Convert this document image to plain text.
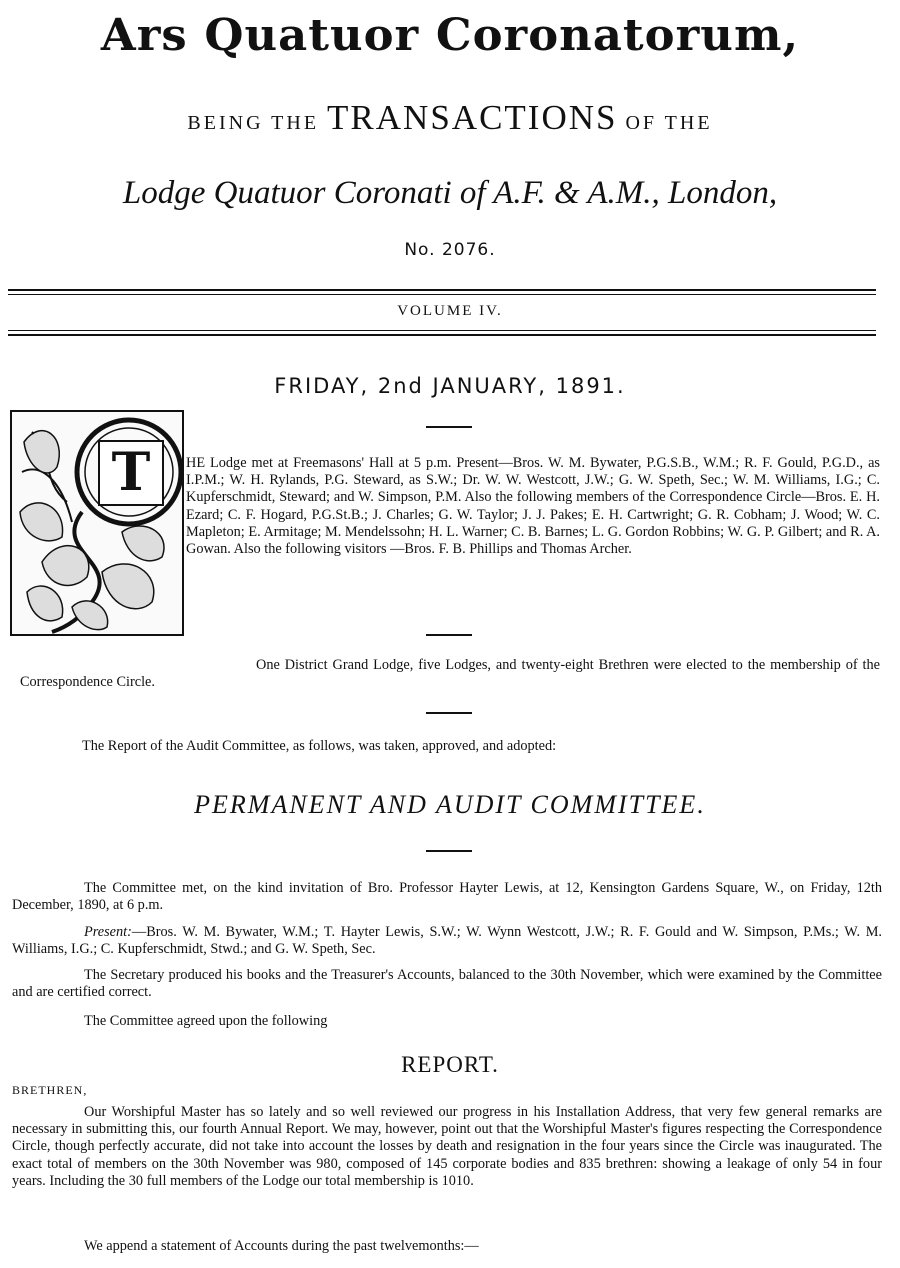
Ars Quatuor Coronatorum,
BEING THE TRANSACTIONS OF THE
Lodge Quatuor Coronati of A.F. & A.M., London,
No. 2076.
VOLUME IV.
FRIDAY, 2nd JANUARY, 1891.
T	HE Lodge met at Freemasons' Hall at 5 p.m. Present—Bros. W. M. Bywater, P.G.S.B., W.M.; R. F. Gould, P.G.D., as I.P.M.; W. H. Rylands, P.G. Steward, as S.W.; Dr. W. W. Westcott, J.W.; G. W. Speth, Sec.; W. M. Williams, I.G.; C. Kupferschmidt, Steward; and W. Simpson, P.M. Also the following members of the Correspondence Circle—Bros. E. H. Ezard; C. F. Hogard, P.G.St.B.; J. Charles; G. W. Taylor; J. J. Pakes; E. H. Cartwright; G. R. Cobham; J. Wood; W. C. Mapleton; E. Armitage; M. Mendelssohn; H. L. Warner; C. B. Barnes; L. G. Gordon Robbins; W. G. P. Gilbert; and R. A. Gowan. Also the following visitors —Bros. F. B. Phillips and Thomas Archer.

One District Grand Lodge, five Lodges, and twenty-eight Brethren were elected to the membership of the Correspondence Circle.

The Report of the Audit Committee, as follows, was taken, approved, and adopted:

PERMANENT AND AUDIT COMMITTEE.

The Committee met, on the kind invitation of Bro. Professor Hayter Lewis, at 12, Kensington Gardens Square, W., on Friday, 12th December, 1890, at 6 p.m.

Present:—Bros. W. M. Bywater, W.M.; T. Hayter Lewis, S.W.; W. Wynn Westcott, J.W.; R. F. Gould and W. Simpson, P.Ms.; W. M. Williams, I.G.; C. Kupferschmidt, Stwd.; and G. W. Speth, Sec.

The Secretary produced his books and the Treasurer's Accounts, balanced to the 30th November, which were examined by the Committee and are certified correct.

The Committee agreed upon the following

REPORT.
BRETHREN,

Our Worshipful Master has so lately and so well reviewed our progress in his Installation Address, that very few general remarks are necessary in submitting this, our fourth Annual Report. We may, however, point out that the Worshipful Master's figures respecting the Correspondence Circle, though perfectly accurate, did not take into account the losses by death and resignation in the four years since the Circle was inaugurated. The exact total of members on the 30th November was 980, composed of 145 corporate bodies and 835 brethren: showing a leakage of only 54 in four years. Including the 30 full members of the Lodge our total membership is 1010.

We append a statement of Accounts during the past twelvemonths:—
